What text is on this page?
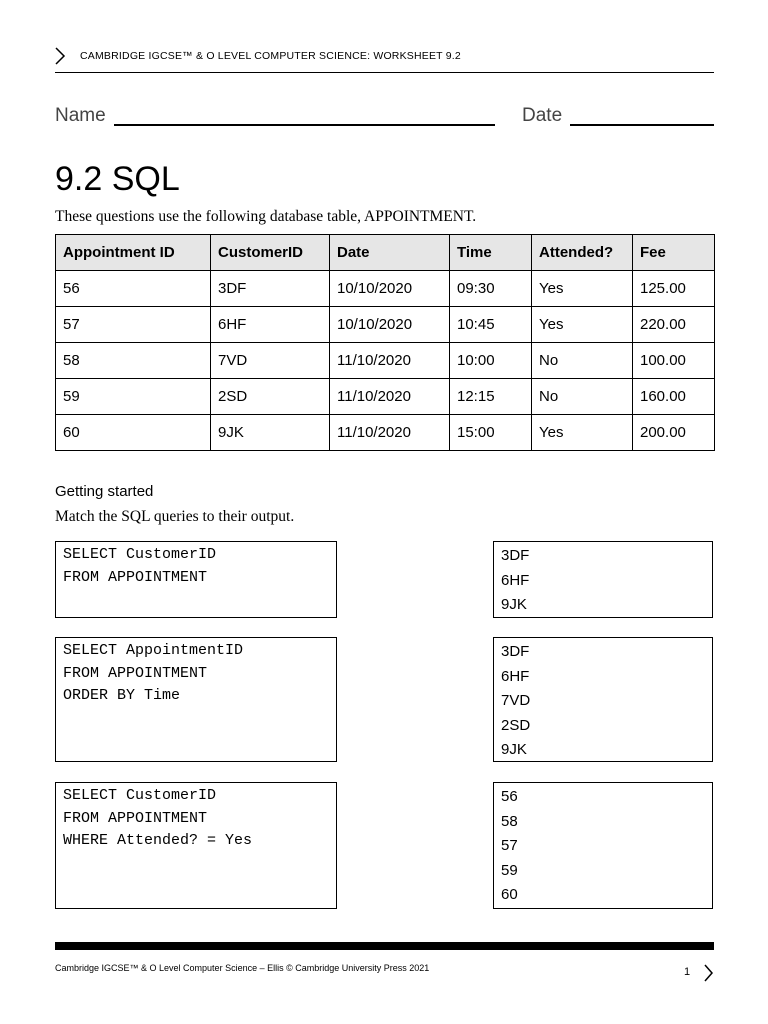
CAMBRIDGE IGCSE™ & O LEVEL COMPUTER SCIENCE: WORKSHEET 9.2
Name	Date
9.2 SQL
These questions use the following database table, APPOINTMENT.
Appointment ID	CustomerID	Date	Time	Attended?	Fee
56	3DF	10/10/2020	09:30	Yes	125.00
57	6HF	10/10/2020	10:45	Yes	220.00
58	7VD	11/10/2020	10:00	No	100.00
59	2SD	11/10/2020	12:15	No	160.00
60	9JK	11/10/2020	15:00	Yes	200.00
Getting started
Match the SQL queries to their output.
SELECT CustomerID
FROM APPOINTMENT
SELECT AppointmentID
FROM APPOINTMENT
ORDER BY Time
SELECT CustomerID
FROM APPOINTMENT
WHERE Attended? = Yes
3DF
6HF
9JK
3DF
6HF
7VD
2SD
9JK
56
58
57
59
60
Cambridge IGCSE™ & O Level Computer Science – Ellis © Cambridge University Press 2021	1
